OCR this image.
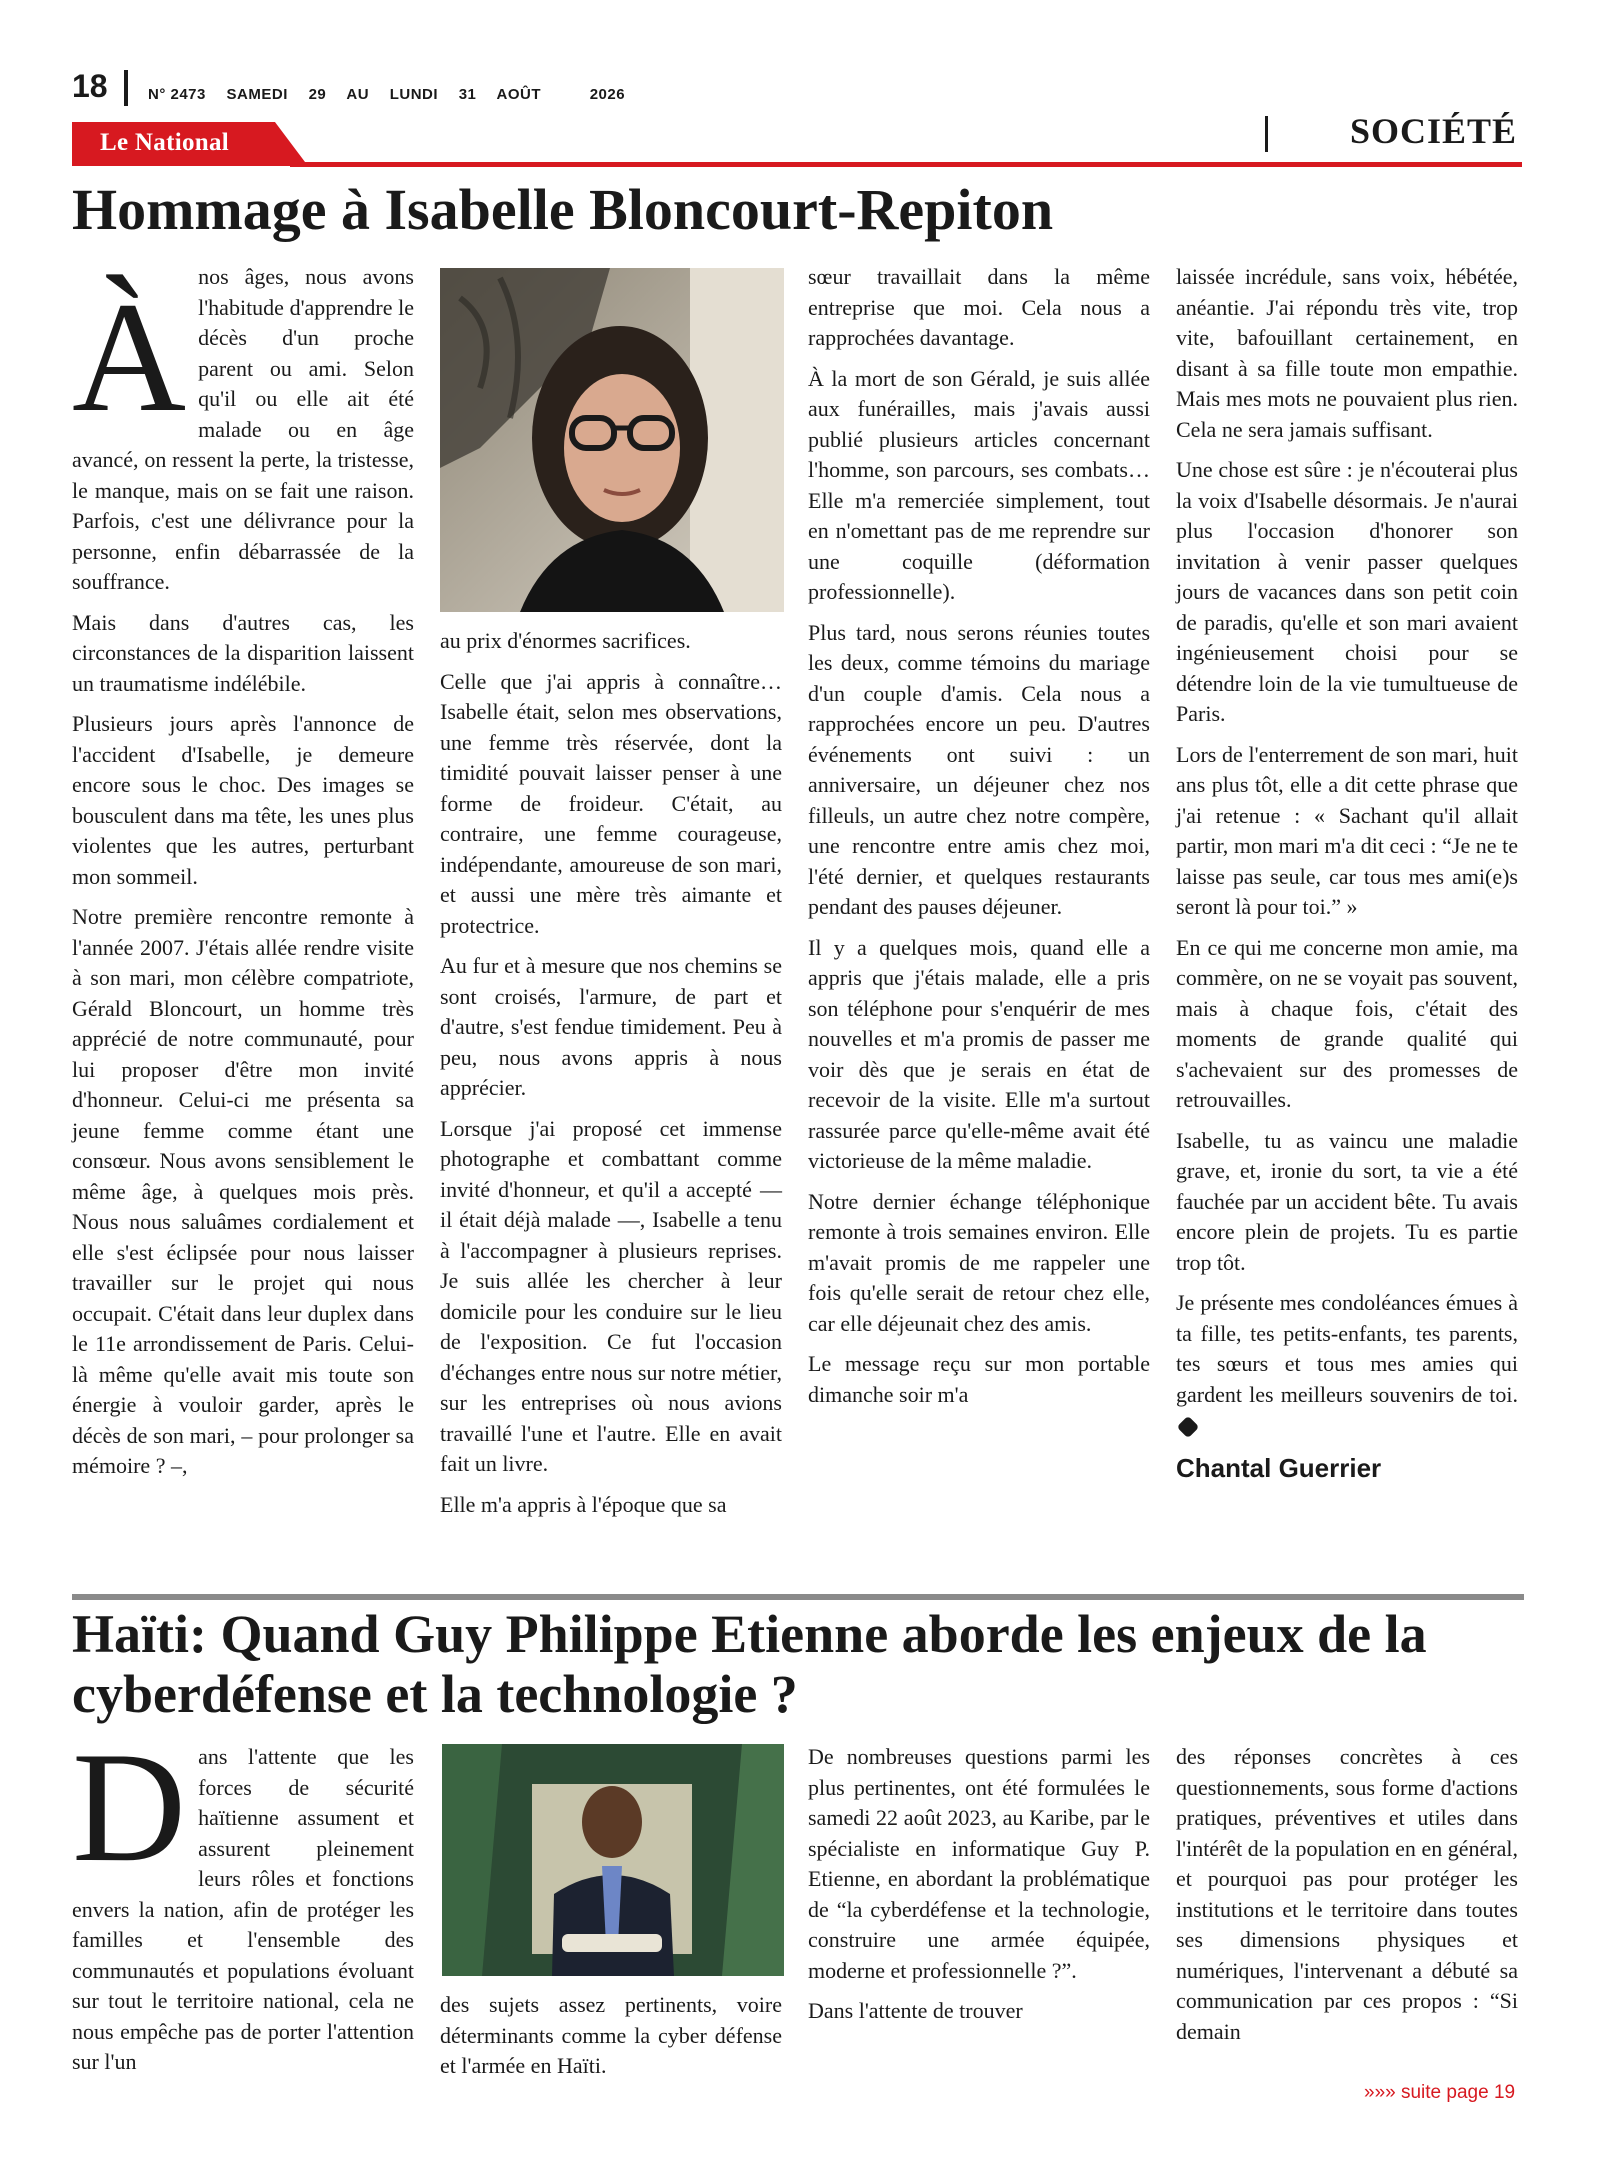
18	N° 2473 SAMEDI 29 AU LUNDI 31 AOÛT	2026
Le National	SOCIÉTÉ
Hommage à Isabelle Bloncourt-Repiton

Ànos âges, nous avons l'habitude d'apprendre le décès d'un proche parent ou ami. Selon qu'il ou elle ait été malade ou en âge avancé, on ressent la perte, la tristesse, le manque, mais on se fait une raison. Parfois, c'est une délivrance pour la personne, enfin débarrassée de la souffrance.

Mais dans d'autres cas, les circonstances de la disparition laissent un traumatisme indélébile.

Plusieurs jours après l'annonce de l'accident d'Isabelle, je demeure encore sous le choc. Des images se bousculent dans ma tête, les unes plus violentes que les autres, perturbant mon sommeil.

Notre première rencontre remonte à l'année 2007. J'étais allée rendre visite à son mari, mon célèbre compatriote, Gérald Bloncourt, un homme très apprécié de notre communauté, pour lui proposer d'être mon invité d'honneur. Celui-ci me présenta sa jeune femme comme étant une consœur. Nous avons sensiblement le même âge, à quelques mois près. Nous nous saluâmes cordialement et elle s'est éclipsée pour nous laisser travailler sur le projet qui nous occupait. C'était dans leur duplex dans le 11e arrondissement de Paris. Celui-là même qu'elle avait mis toute son énergie à vouloir garder, après le décès de son mari, – pour prolonger sa mémoire ? –,

au prix d'énormes sacrifices.

Celle que j'ai appris à connaître… Isabelle était, selon mes observations, une femme très réservée, dont la timidité pouvait laisser penser à une forme de froideur. C'était, au contraire, une femme courageuse, indépendante, amoureuse de son mari, et aussi une mère très aimante et protectrice.

Au fur et à mesure que nos chemins se sont croisés, l'armure, de part et d'autre, s'est fendue timidement. Peu à peu, nous avons appris à nous apprécier.

Lorsque j'ai proposé cet immense photographe et combattant comme invité d'honneur, et qu'il a accepté — il était déjà malade —, Isabelle a tenu à l'accompagner à plusieurs reprises. Je suis allée les chercher à leur domicile pour les conduire sur le lieu de l'exposition. Ce fut l'occasion d'échanges entre nous sur notre métier, sur les entreprises où nous avions travaillé l'une et l'autre. Elle en avait fait un livre.

Elle m'a appris à l'époque que sa

sœur travaillait dans la même entreprise que moi. Cela nous a rapprochées davantage.

À la mort de son Gérald, je suis allée aux funérailles, mais j'avais aussi publié plusieurs articles concernant l'homme, son parcours, ses combats… Elle m'a remerciée simplement, tout en n'omettant pas de me reprendre sur une coquille (déformation professionnelle).

Plus tard, nous serons réunies toutes les deux, comme témoins du mariage d'un couple d'amis. Cela nous a rapprochées encore un peu. D'autres événements ont suivi : un anniversaire, un déjeuner chez nos filleuls, un autre chez notre compère, une rencontre entre amis chez moi, l'été dernier, et quelques restaurants pendant des pauses déjeuner.

Il y a quelques mois, quand elle a appris que j'étais malade, elle a pris son téléphone pour s'enquérir de mes nouvelles et m'a promis de passer me voir dès que je serais en état de recevoir de la visite. Elle m'a surtout rassurée parce qu'elle-même avait été victorieuse de la même maladie.

Notre dernier échange téléphonique remonte à trois semaines environ. Elle m'avait promis de me rappeler une fois qu'elle serait de retour chez elle, car elle déjeunait chez des amis.

Le message reçu sur mon portable dimanche soir m'a

laissée incrédule, sans voix, hébétée, anéantie. J'ai répondu très vite, trop vite, bafouillant certainement, en disant à sa fille toute mon empathie. Mais mes mots ne pouvaient plus rien. Cela ne sera jamais suffisant.

Une chose est sûre : je n'écouterai plus la voix d'Isabelle désormais. Je n'aurai plus l'occasion d'honorer son invitation à venir passer quelques jours de vacances dans son petit coin de paradis, qu'elle et son mari avaient ingénieusement choisi pour se détendre loin de la vie tumultueuse de Paris.

Lors de l'enterrement de son mari, huit ans plus tôt, elle a dit cette phrase que j'ai retenue : « Sachant qu'il allait partir, mon mari m'a dit ceci : “Je ne te laisse pas seule, car tous mes ami(e)s seront là pour toi.” »

En ce qui me concerne mon amie, ma commère, on ne se voyait pas souvent, mais à chaque fois, c'était des moments de grande qualité qui s'achevaient sur des promesses de retrouvailles.

Isabelle, tu as vaincu une maladie grave, et, ironie du sort, ta vie a été fauchée par un accident bête. Tu avais encore plein de projets. Tu es partie trop tôt.

Je présente mes condoléances émues à ta fille, tes petits-enfants, tes parents, tes sœurs et tous mes amies qui gardent les meilleurs souvenirs de toi.

Chantal Guerrier
Haïti: Quand Guy Philippe Etienne aborde les enjeux de la cyberdéfense et la technologie ?

Dans l'attente que les forces de sécurité haïtienne assument et assurent pleinement leurs rôles et fonctions envers la nation, afin de protéger les familles et l'ensemble des communautés et populations évoluant sur tout le territoire national, cela ne nous empêche pas de porter l'attention sur l'un

des sujets assez pertinents, voire déterminants comme la cyber défense et l'armée en Haïti.

De nombreuses questions parmi les plus pertinentes, ont été formulées le samedi 22 août 2023, au Karibe, par le spécialiste en informatique Guy P. Etienne, en abordant la problématique de “la cyberdéfense et la technologie, construire une armée équipée, moderne et professionnelle ?”.

Dans l'attente de trouver

des réponses concrètes à ces questionnements, sous forme d'actions pratiques, préventives et utiles dans l'intérêt de la population en en général, et pourquoi pas pour protéger les institutions et le territoire dans toutes ses dimensions physiques et numériques, l'intervenant a débuté sa communication par ces propos : “Si demain

»»» suite page 19
